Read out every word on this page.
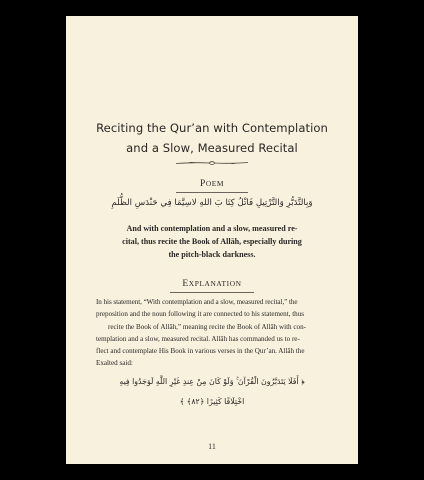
Reciting the Qur’an with Contemplation
and a Slow, Measured Recital
POEM
وَبِالتَّدَبُّرِ وَالتَّرْتِيلِ فَاتْلُ كِتَا بَ اللهِ لاسِيَّمَا فِي حَنْدَسِ الظُّلَمِ
And with contemplation and a slow, measured re-
cital, thus recite the Book of Allāh, especially during
the pitch-black darkness.
EXPLANATION
In his statement, “With contemplation and a slow, measured recital,” the
preposition and the noun following it are connected to his statement, thus
recite the Book of Allāh,” meaning recite the Book of Allāh with con-
templation and a slow, measured recital. Allāh has commanded us to re-
flect and contemplate His Book in various verses in the Qur’an. Allāh the
Exalted said:
﴿ أَفَلَا يَتَدَبَّرُونَ الْقُرْآنَ ۚ وَلَوْ كَانَ مِنْ عِندِ غَيْرِ اللَّهِ لَوَجَدُوا فِيهِ
اخْتِلَافًا كَثِيرًا ﴿٨٢﴾ ﴾
11
